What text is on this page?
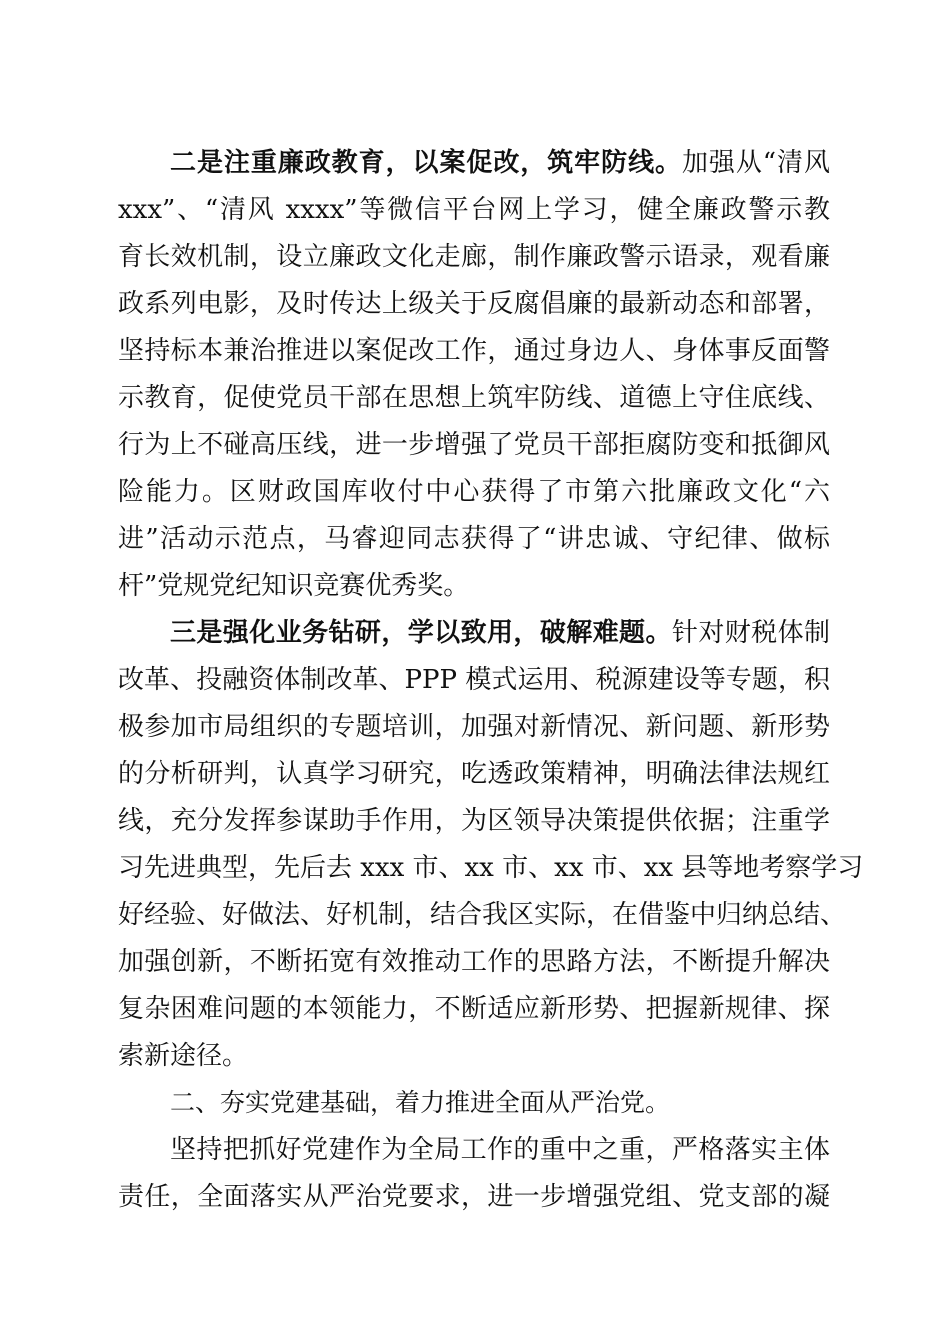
二是注重廉政教育，以案促改，筑牢防线。加强从“清风
xxx”、“清风 xxxx”等微信平台网上学习，健全廉政警示教
育长效机制，设立廉政文化走廊，制作廉政警示语录，观看廉
政系列电影，及时传达上级关于反腐倡廉的最新动态和部署，
坚持标本兼治推进以案促改工作，通过身边人、身体事反面警
示教育，促使党员干部在思想上筑牢防线、道德上守住底线、
行为上不碰高压线，进一步增强了党员干部拒腐防变和抵御风
险能力。区财政国库收付中心获得了市第六批廉政文化“六
进”活动示范点，马睿迎同志获得了“讲忠诚、守纪律、做标
杆”党规党纪知识竞赛优秀奖。
三是强化业务钻研，学以致用，破解难题。针对财税体制
改革、投融资体制改革、PPP 模式运用、税源建设等专题，积
极参加市局组织的专题培训，加强对新情况、新问题、新形势
的分析研判，认真学习研究，吃透政策精神，明确法律法规红
线，充分发挥参谋助手作用，为区领导决策提供依据；注重学
习先进典型，先后去 xxx 市、xx 市、xx 市、xx 县等地考察学习
好经验、好做法、好机制，结合我区实际，在借鉴中归纳总结、
加强创新，不断拓宽有效推动工作的思路方法，不断提升解决
复杂困难问题的本领能力，不断适应新形势、把握新规律、探
索新途径。
二、夯实党建基础，着力推进全面从严治党。
坚持把抓好党建作为全局工作的重中之重，严格落实主体
责任，全面落实从严治党要求，进一步增强党组、党支部的凝
